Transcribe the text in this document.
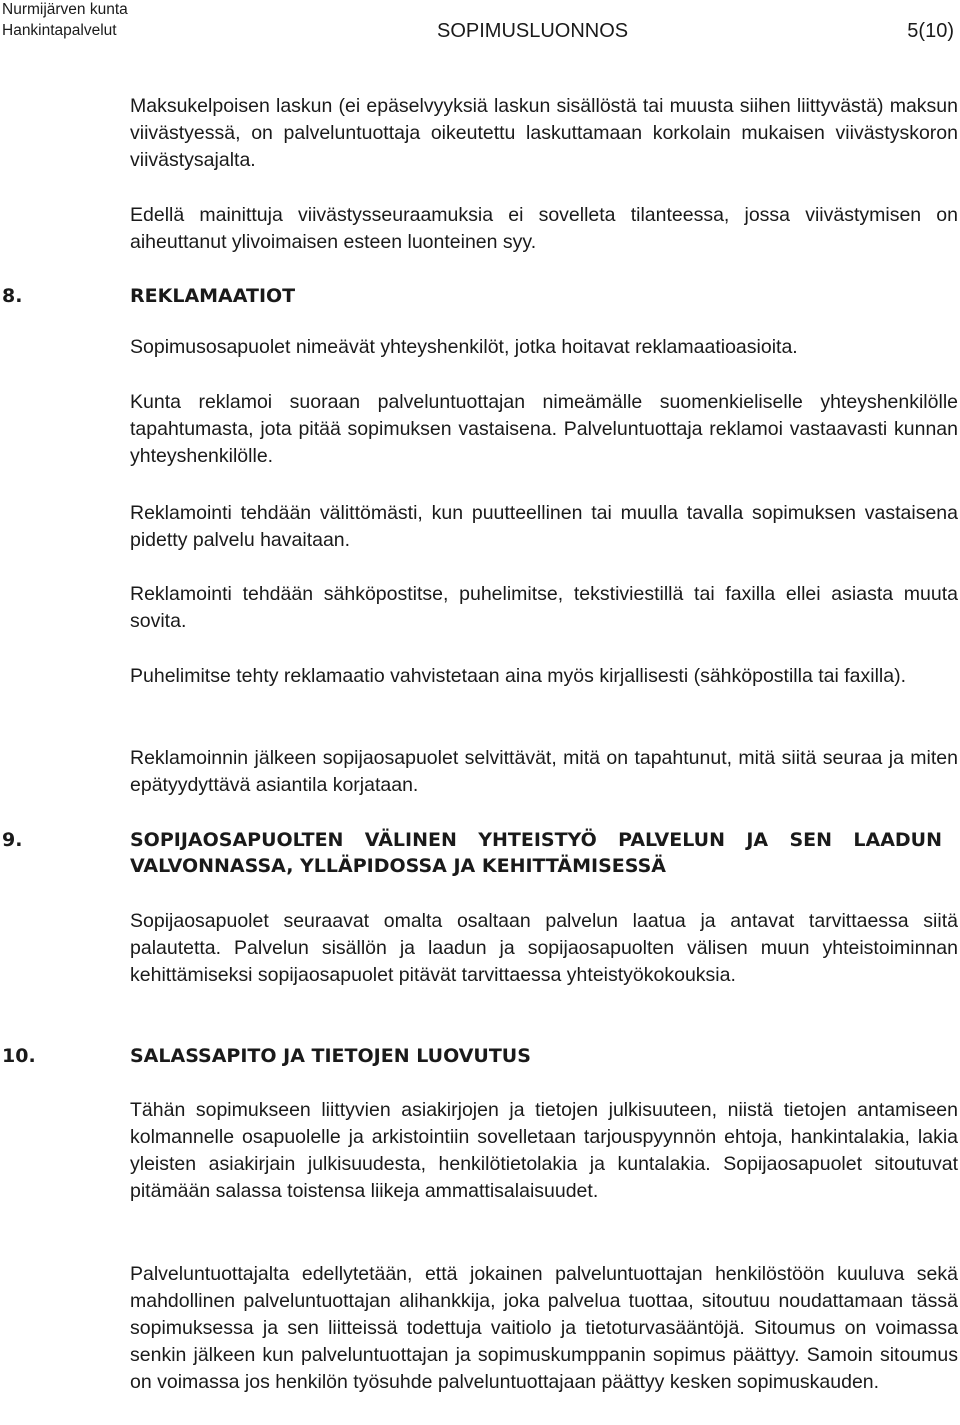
Nurmijärven kunta
Hankintapalvelut	SOPIMUSLUONNOS	5(10)

Maksukelpoisen laskun (ei epäselvyyksiä laskun sisällöstä tai muusta siihen liittyvästä) maksun viivästyessä, on palveluntuottaja oikeutettu laskuttamaan korkolain mukaisen viivästyskoron viivästysajalta.

Edellä mainittuja viivästysseuraamuksia ei sovelleta tilanteessa, jossa viivästymisen on aiheuttanut ylivoimaisen esteen luonteinen syy.

8.	REKLAMAATIOT

Sopimusosapuolet nimeävät yhteyshenkilöt, jotka hoitavat reklamaatioasioita.

Kunta reklamoi suoraan palveluntuottajan nimeämälle suomenkieliselle yhteyshenkilölle tapahtumasta, jota pitää sopimuksen vastaisena. Palveluntuottaja reklamoi vastaavasti kunnan yhteyshenkilölle.

Reklamointi tehdään välittömästi, kun puutteellinen tai muulla tavalla sopimuksen vastaisena pidetty palvelu havaitaan.

Reklamointi tehdään sähköpostitse, puhelimitse, tekstiviestillä tai faxilla ellei asiasta muuta sovita.

Puhelimitse tehty reklamaatio vahvistetaan aina myös kirjallisesti (sähköpostilla tai faxilla).

Reklamoinnin jälkeen sopijaosapuolet selvittävät, mitä on tapahtunut, mitä siitä seuraa ja miten epätyydyttävä asiantila korjataan.

9.	SOPIJAOSAPUOLTEN VÄLINEN YHTEISTYÖ PALVELUN JA SEN LAADUN VALVONNASSA, YLLÄPIDOSSA JA KEHITTÄMISESSÄ

Sopijaosapuolet seuraavat omalta osaltaan palvelun laatua ja antavat tarvittaessa siitä palautetta. Palvelun sisällön ja laadun ja sopijaosapuolten välisen muun yhteistoiminnan kehittämiseksi sopijaosapuolet pitävät tarvittaessa yhteistyökokouksia.

10.	SALASSAPITO JA TIETOJEN LUOVUTUS

Tähän sopimukseen liittyvien asiakirjojen ja tietojen julkisuuteen, niistä tietojen antamiseen kolmannelle osapuolelle ja arkistointiin sovelletaan tarjouspyynnön ehtoja, hankintalakia, lakia yleisten asiakirjain julkisuudesta, henkilötietolakia ja kuntalakia. Sopijaosapuolet sitoutuvat pitämään salassa toistensa liikeja ammattisalaisuudet.

Palveluntuottajalta edellytetään, että jokainen palveluntuottajan henkilöstöön kuuluva sekä mahdollinen palveluntuottajan alihankkija, joka palvelua tuottaa, sitoutuu noudattamaan tässä sopimuksessa ja sen liitteissä todettuja vaitiolo ja tietoturvasääntöjä. Sitoumus on voimassa senkin jälkeen kun palveluntuottajan ja sopimuskumppanin sopimus päättyy. Samoin sitoumus on voimassa jos henkilön työsuhde palveluntuottajaan päättyy kesken sopimuskauden.
